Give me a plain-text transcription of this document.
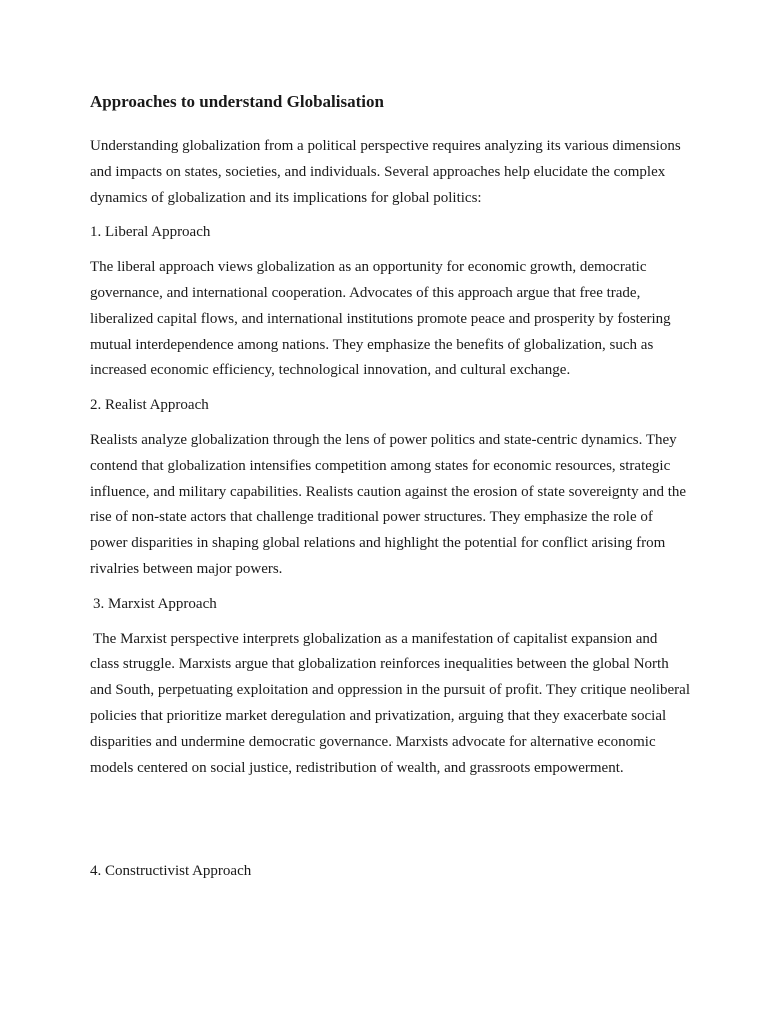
Approaches to understand Globalisation

Understanding globalization from a political perspective requires analyzing its various dimensions and impacts on states, societies, and individuals. Several approaches help elucidate the complex dynamics of globalization and its implications for global politics:

1. Liberal Approach

The liberal approach views globalization as an opportunity for economic growth, democratic governance, and international cooperation. Advocates of this approach argue that free trade, liberalized capital flows, and international institutions promote peace and prosperity by fostering mutual interdependence among nations. They emphasize the benefits of globalization, such as increased economic efficiency, technological innovation, and cultural exchange.

2. Realist Approach

Realists analyze globalization through the lens of power politics and state-centric dynamics. They contend that globalization intensifies competition among states for economic resources, strategic influence, and military capabilities. Realists caution against the erosion of state sovereignty and the rise of non-state actors that challenge traditional power structures. They emphasize the role of power disparities in shaping global relations and highlight the potential for conflict arising from rivalries between major powers.

3. Marxist Approach

The Marxist perspective interprets globalization as a manifestation of capitalist expansion and class struggle. Marxists argue that globalization reinforces inequalities between the global North and South, perpetuating exploitation and oppression in the pursuit of profit. They critique neoliberal policies that prioritize market deregulation and privatization, arguing that they exacerbate social disparities and undermine democratic governance. Marxists advocate for alternative economic models centered on social justice, redistribution of wealth, and grassroots empowerment.

4. Constructivist Approach
